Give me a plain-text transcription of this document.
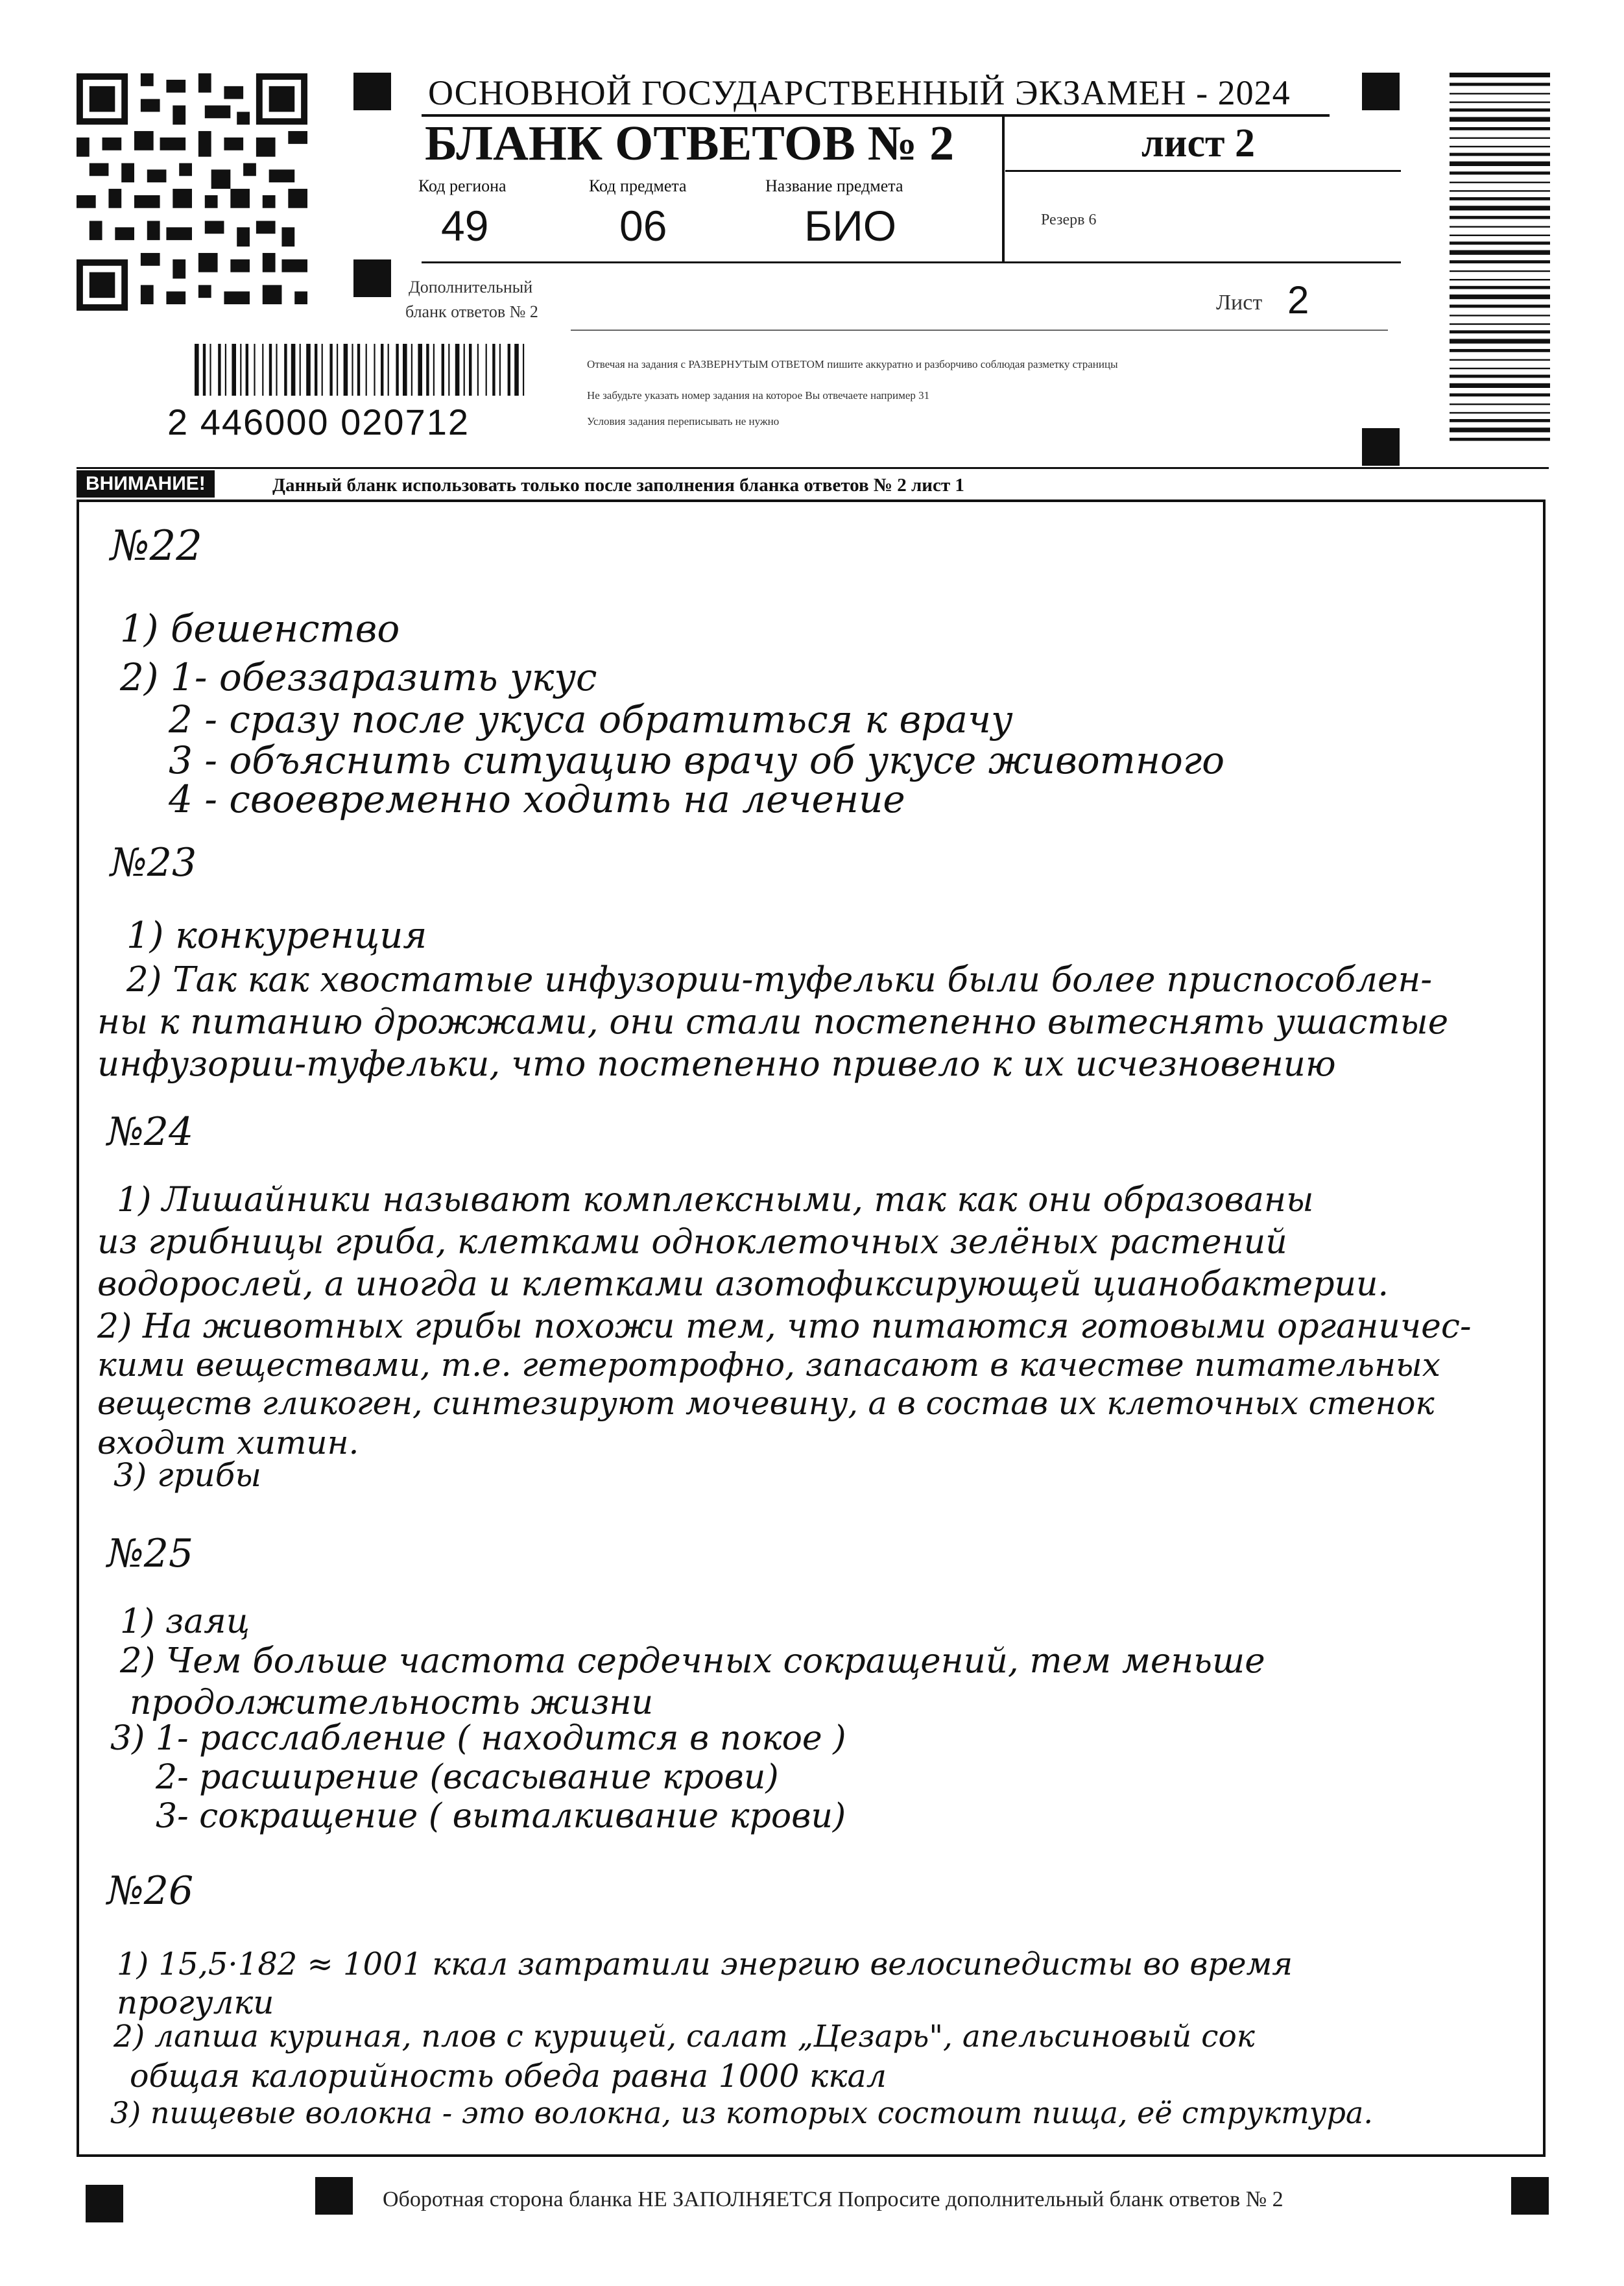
ОСНОВНОЙ ГОСУДАРСТВЕННЫЙ ЭКЗАМЕН - 2024
БЛАНК ОТВЕТОВ № 2	лист 2
Код региона
49
Код предмета
06
Название предмета
БИО	Резерв 6
Дополнительный
бланк ответов № 2	Лист 2
2 446000 020712
Отвечая на задания с РАЗВЕРНУТЫМ ОТВЕТОМ пишите аккуратно и разборчиво соблюдая разметку страницы
Не забудьте указать номер задания на которое Вы отвечаете например 31
Условия задания переписывать не нужно
ВНИМАНИЕ!	Данный бланк использовать только после заполнения бланка ответов № 2 лист 1
№22
1) бешенство
2) 1- обеззаразить укус
2 - сразу после укуса обратиться к врачу
3 - объяснить ситуацию врачу об укусе животного
4 - своевременно ходить на лечение
№23
1) конкуренция
2) Так как хвостатые инфузории-туфельки были более приспособлен-
ны к питанию дрожжами, они стали постепенно вытеснять ушастые
инфузории-туфельки, что постепенно привело к их исчезновению
№24
1) Лишайники называют комплексными, так как они образованы
из грибницы гриба, клетками одноклеточных зелёных растений
водорослей, а иногда и клетками азотофиксирующей цианобактерии.
2) На животных грибы похожи тем, что питаются готовыми органичес-
кими веществами, т.е. гетеротрофно, запасают в качестве питательных
веществ гликоген, синтезируют мочевину, а в состав их клеточных стенок
входит хитин.
3) грибы
№25
1) заяц
2) Чем больше частота сердечных сокращений, тем меньше
продолжительность жизни
3) 1- расслабление ( находится в покое )
2- расширение (всасывание крови)
3- сокращение ( выталкивание крови)
№26
1) 15,5·182 ≈ 1001 ккал затратили энергию велосипедисты во время
прогулки
2) лапша куриная, плов с курицей, салат „Цезарь", апельсиновый сок
общая калорийность обеда равна 1000 ккал
3) пищевые волокна - это волокна, из которых состоит пища, её структура.
Оборотная сторона бланка НЕ ЗАПОЛНЯЕТСЯ Попросите дополнительный бланк ответов № 2
